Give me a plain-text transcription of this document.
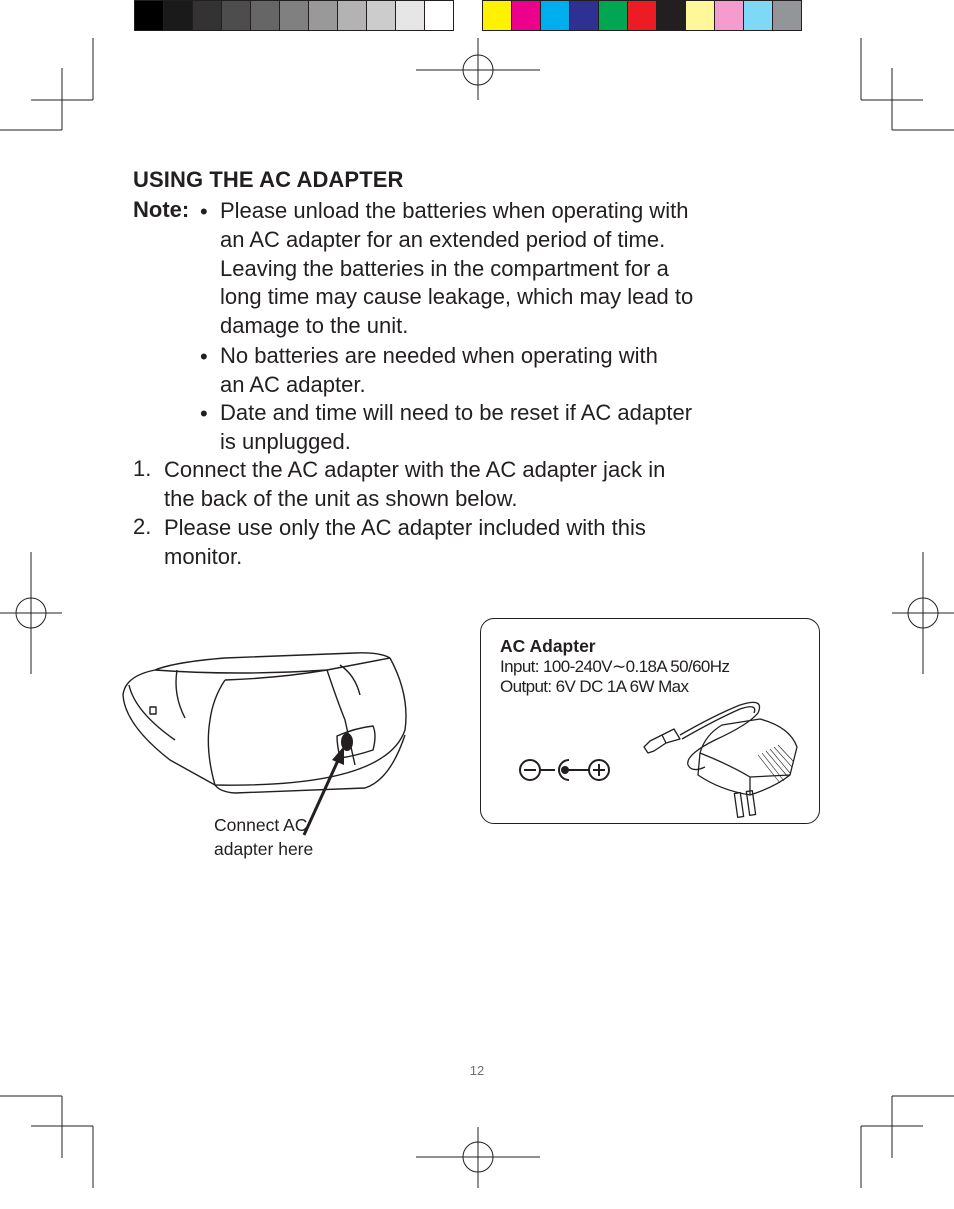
USING THE AC ADAPTER
Note: • Please unload the batteries when operating with
an AC adapter for an extended period of time.
Leaving the batteries in the compartment for a
long time may cause leakage, which may lead to
damage to the unit.
• No batteries are needed when operating with
an AC adapter.
• Date and time will need to be reset if AC adapter
is unplugged.
1. Connect the AC adapter with the AC adapter jack in
the back of the unit as shown below.
2. Please use only the AC adapter included with this
monitor.
Connect AC
adapter here
AC Adapter
Input: 100-240V∼0.18A 50/60Hz
Output: 6V DC 1A 6W Max
12
